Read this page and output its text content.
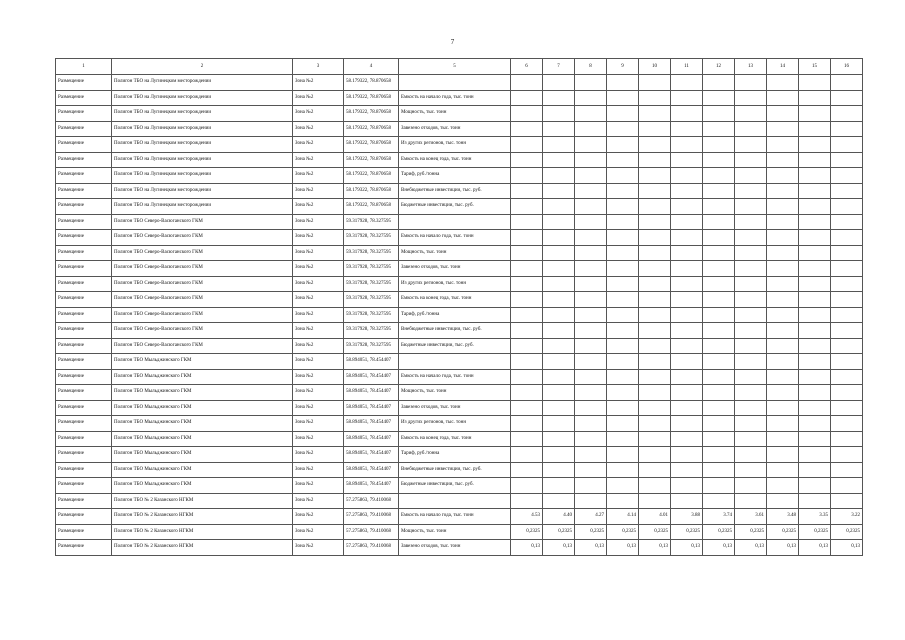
7
1	2	3	4	5	6	7	8	9	10	11	12	13	14	15	16
Размещение	Полигон ТБО на Лугинецком месторождении	Зона №2	58.179322, 78.870658												
Размещение	Полигон ТБО на Лугинецком месторождении	Зона №2	58.179322, 78.870658	Емкость на начало года, тыс. тонн											
Размещение	Полигон ТБО на Лугинецком месторождении	Зона №2	58.179322, 78.870658	Мощность, тыс. тонн											
Размещение	Полигон ТБО на Лугинецком месторождении	Зона №2	58.179322, 78.870658	Завезено отходов, тыс. тонн											
Размещение	Полигон ТБО на Лугинецком месторождении	Зона №2	58.179322, 78.870658	Из других регионов, тыс. тонн											
Размещение	Полигон ТБО на Лугинецком месторождении	Зона №2	58.179322, 78.870658	Емкость на конец года, тыс. тонн											
Размещение	Полигон ТБО на Лугинецком месторождении	Зона №2	58.179322, 78.870658	Тариф, руб./тонна											
Размещение	Полигон ТБО на Лугинецком месторождении	Зона №2	58.179322, 78.870658	Внебюджетные инвестиции, тыс. руб.											
Размещение	Полигон ТБО на Лугинецком месторождении	Зона №2	58.179322, 78.870658	Бюджетные инвестиции, тыс. руб.											
Размещение	Полигон ТБО Северо-Васюганского ГКМ	Зона №2	59.317928, 78.327595												
Размещение	Полигон ТБО Северо-Васюганского ГКМ	Зона №2	59.317928, 78.327595	Емкость на начало года, тыс. тонн											
Размещение	Полигон ТБО Северо-Васюганского ГКМ	Зона №2	59.317928, 78.327595	Мощность, тыс. тонн											
Размещение	Полигон ТБО Северо-Васюганского ГКМ	Зона №2	59.317928, 78.327595	Завезено отходов, тыс. тонн											
Размещение	Полигон ТБО Северо-Васюганского ГКМ	Зона №2	59.317928, 78.327595	Из других регионов, тыс. тонн											
Размещение	Полигон ТБО Северо-Васюганского ГКМ	Зона №2	59.317928, 78.327595	Емкость на конец года, тыс. тонн											
Размещение	Полигон ТБО Северо-Васюганского ГКМ	Зона №2	59.317928, 78.327595	Тариф, руб./тонна											
Размещение	Полигон ТБО Северо-Васюганского ГКМ	Зона №2	59.317928, 78.327595	Внебюджетные инвестиции, тыс. руб.											
Размещение	Полигон ТБО Северо-Васюганского ГКМ	Зона №2	59.317928, 78.327595	Бюджетные инвестиции, тыс. руб.											
Размещение	Полигон ТБО Мыльджинского ГКМ	Зона №2	58.894051, 78.454407												
Размещение	Полигон ТБО Мыльджинского ГКМ	Зона №2	58.894051, 78.454407	Емкость на начало года, тыс. тонн											
Размещение	Полигон ТБО Мыльджинского ГКМ	Зона №2	58.894051, 78.454407	Мощность, тыс. тонн											
Размещение	Полигон ТБО Мыльджинского ГКМ	Зона №2	58.894051, 78.454407	Завезено отходов, тыс. тонн											
Размещение	Полигон ТБО Мыльджинского ГКМ	Зона №2	58.894051, 78.454407	Из других регионов, тыс. тонн											
Размещение	Полигон ТБО Мыльджинского ГКМ	Зона №2	58.894051, 78.454407	Емкость на конец года, тыс. тонн											
Размещение	Полигон ТБО Мыльджинского ГКМ	Зона №2	58.894051, 78.454407	Тариф, руб./тонна											
Размещение	Полигон ТБО Мыльджинского ГКМ	Зона №2	58.894051, 78.454407	Внебюджетные инвестиции, тыс. руб.											
Размещение	Полигон ТБО Мыльджинского ГКМ	Зона №2	58.894051, 78.454407	Бюджетные инвестиции, тыс. руб.											
Размещение	Полигон ТБО № 2 Казанского НГКМ	Зона №2	57.275863, 79.410068												
Размещение	Полигон ТБО № 2 Казанского НГКМ	Зона №2	57.275863, 79.410068	Емкость на начало года, тыс. тонн	4.53	4.40	4.27	4.14	4.01	3.88	3.74	3.61	3.48	3.35	3.22
Размещение	Полигон ТБО № 2 Казанского НГКМ	Зона №2	57.275863, 79.410068	Мощность, тыс. тонн	0,2325	0,2325	0,2325	0,2325	0,2325	0,2325	0,2325	0,2325	0,2325	0,2325	0,2325
Размещение	Полигон ТБО № 2 Казанского НГКМ	Зона №2	57.275863, 79.410068	Завезено отходов, тыс. тонн	0,13	0,13	0,13	0,13	0,13	0,13	0,13	0,13	0,13	0,13	0,13
